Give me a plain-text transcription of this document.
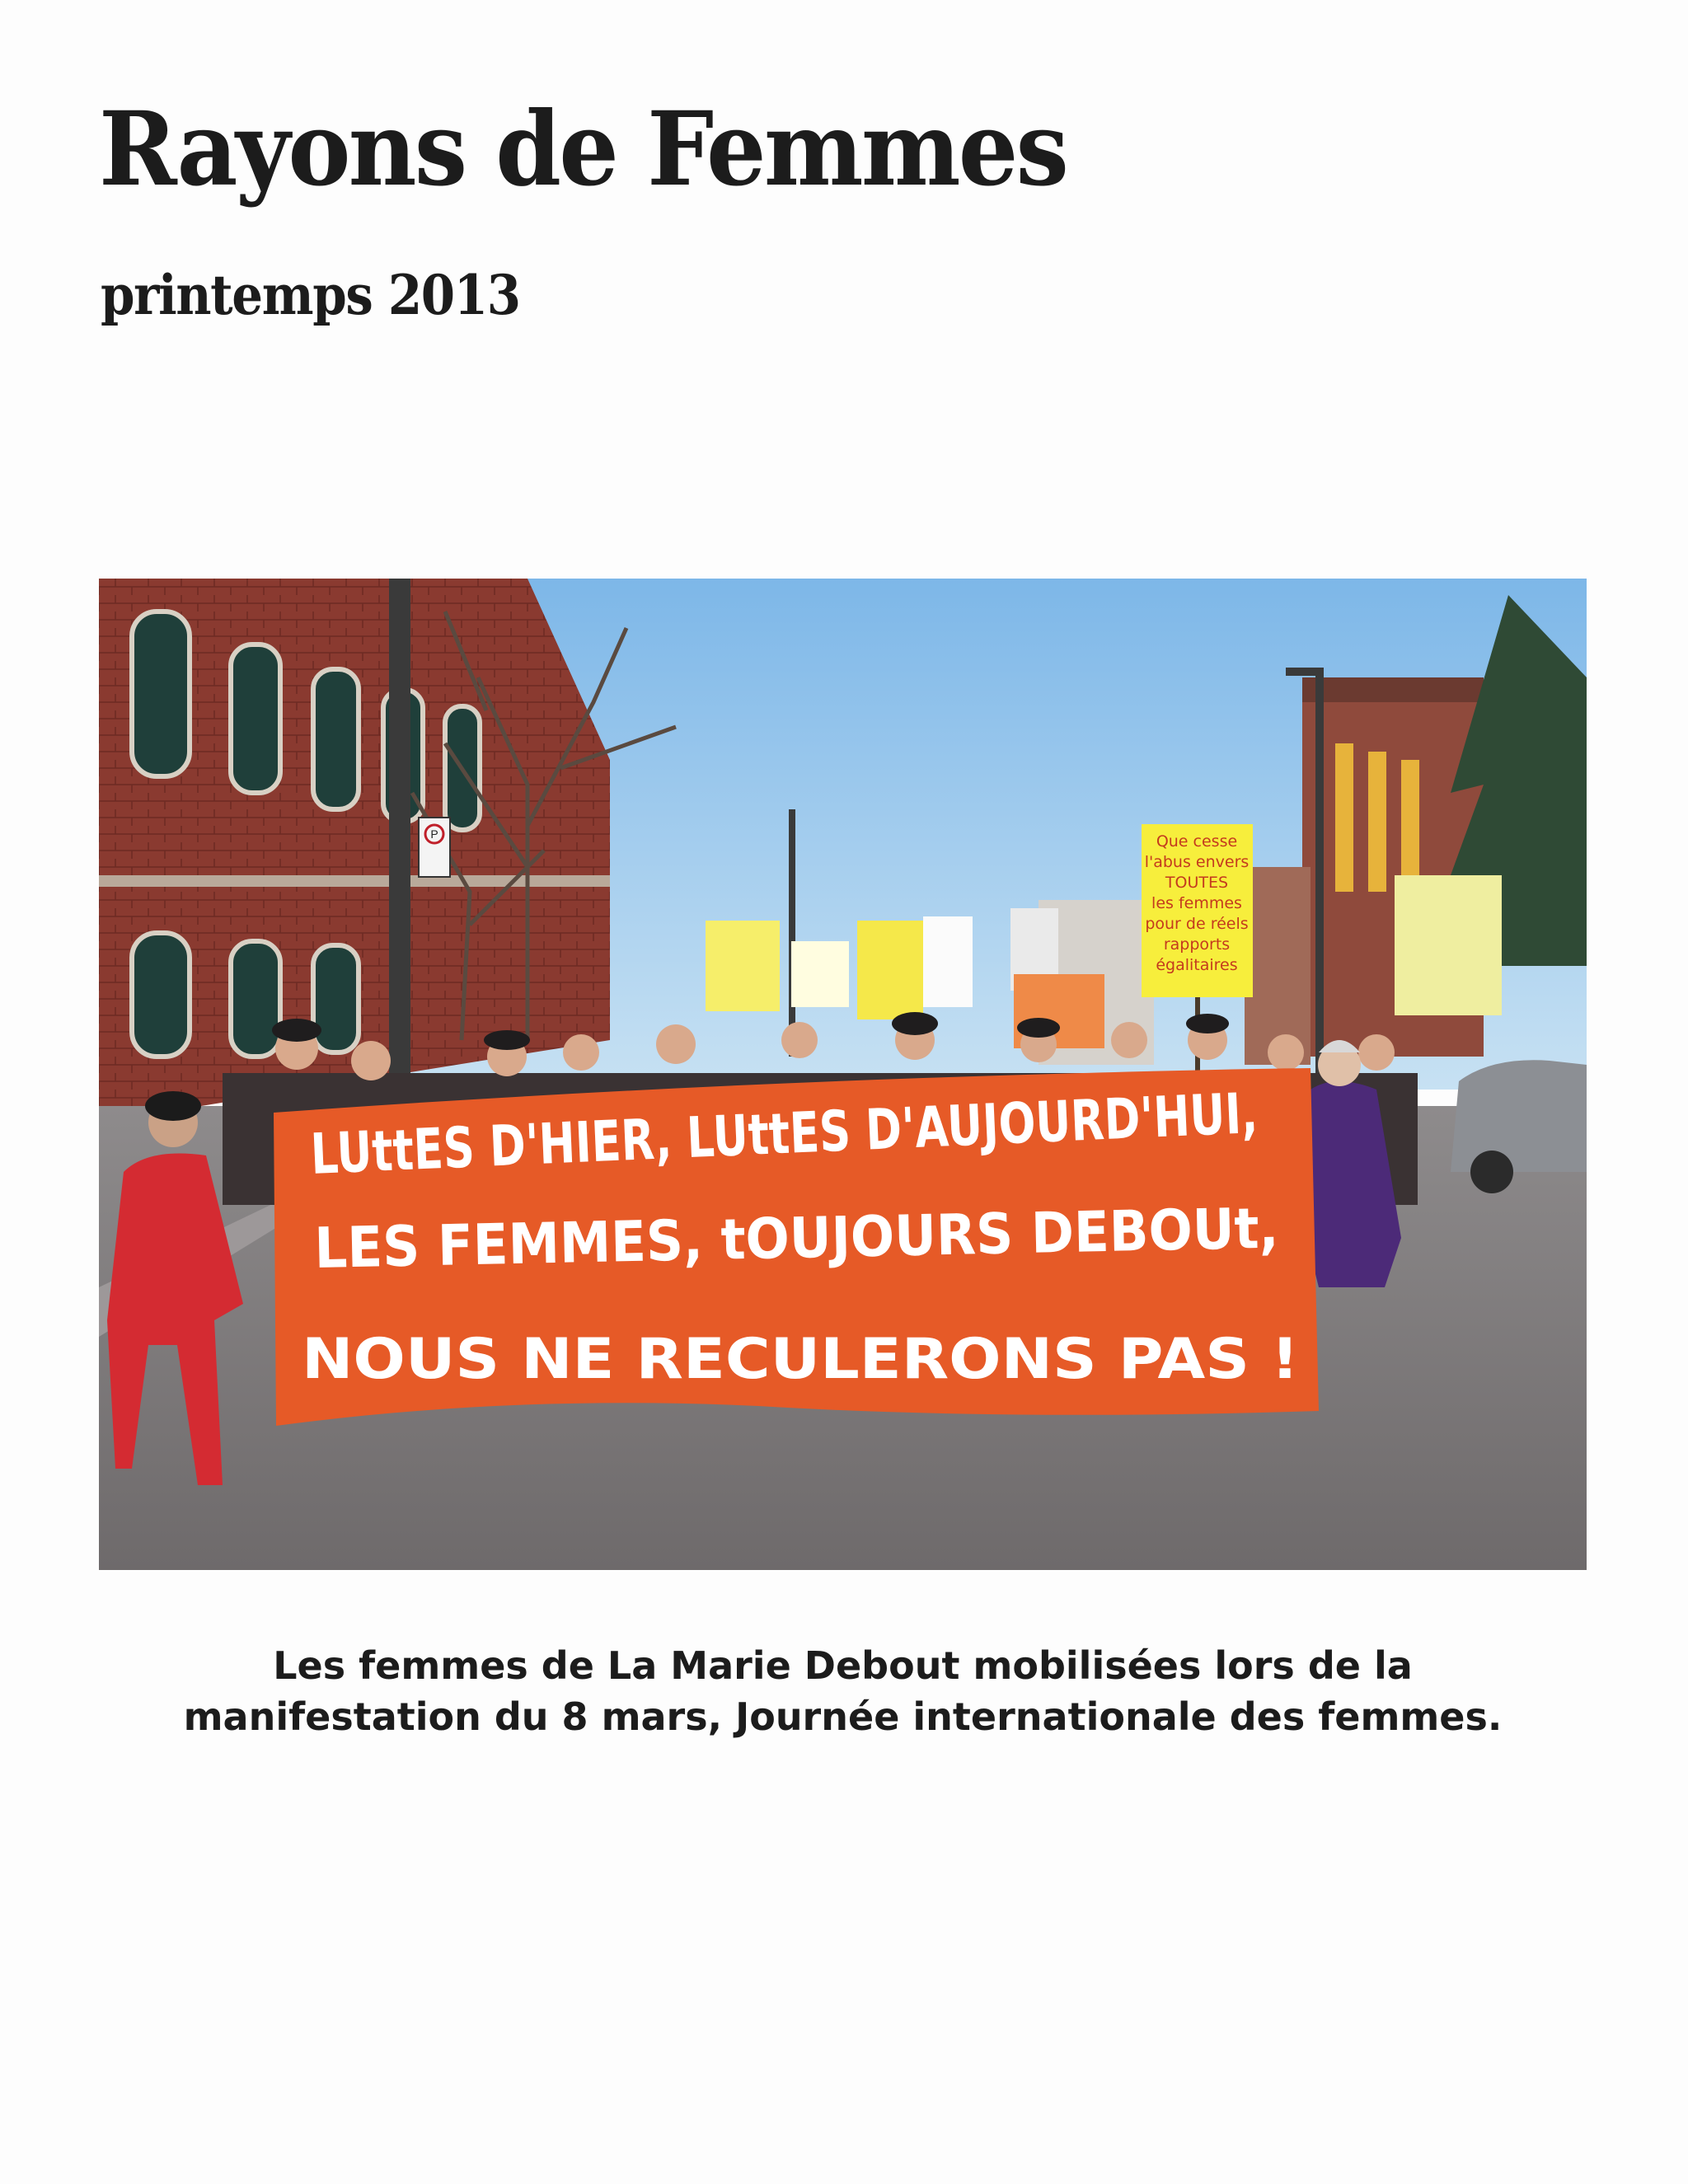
Rayons de Femmes
printemps 2013
P	Que cesse
l'abus envers
TOUTES
les femmes
pour de réels
rapports
égalitaires
LUttES D'HIER, LUttES D'AUJOURD'HUI,
LES FEMMES, tOUJOURS DEBOUt,
NOUS NE RECULERONS PAS !

Les femmes de La Marie Debout mobilisées lors de la
manifestation du 8 mars, Journée internationale des femmes.
